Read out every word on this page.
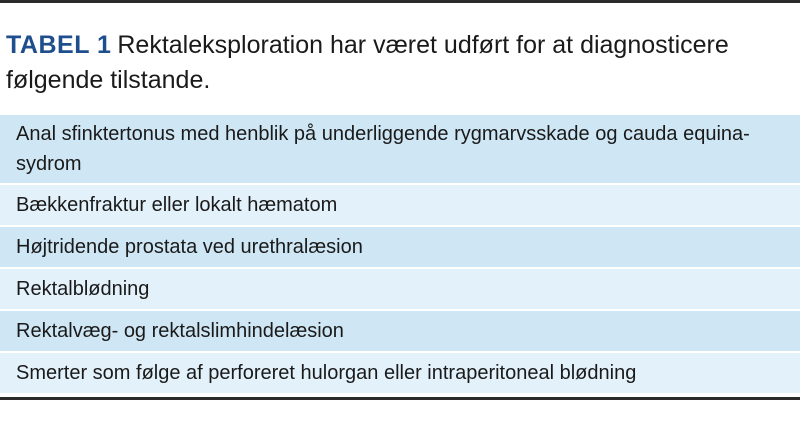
TABEL 1 Rektaleksploration har været udført for at diagnosticere følgende tilstande.
Anal sfinktertonus med henblik på underliggende rygmarvsskade og cauda equina-sydrom
Bækkenfraktur eller lokalt hæmatom
Højtridende prostata ved urethralæsion
Rektalblødning
Rektalvæg- og rektalslimhindelæsion
Smerter som følge af perforeret hulorgan eller intraperitoneal blødning
